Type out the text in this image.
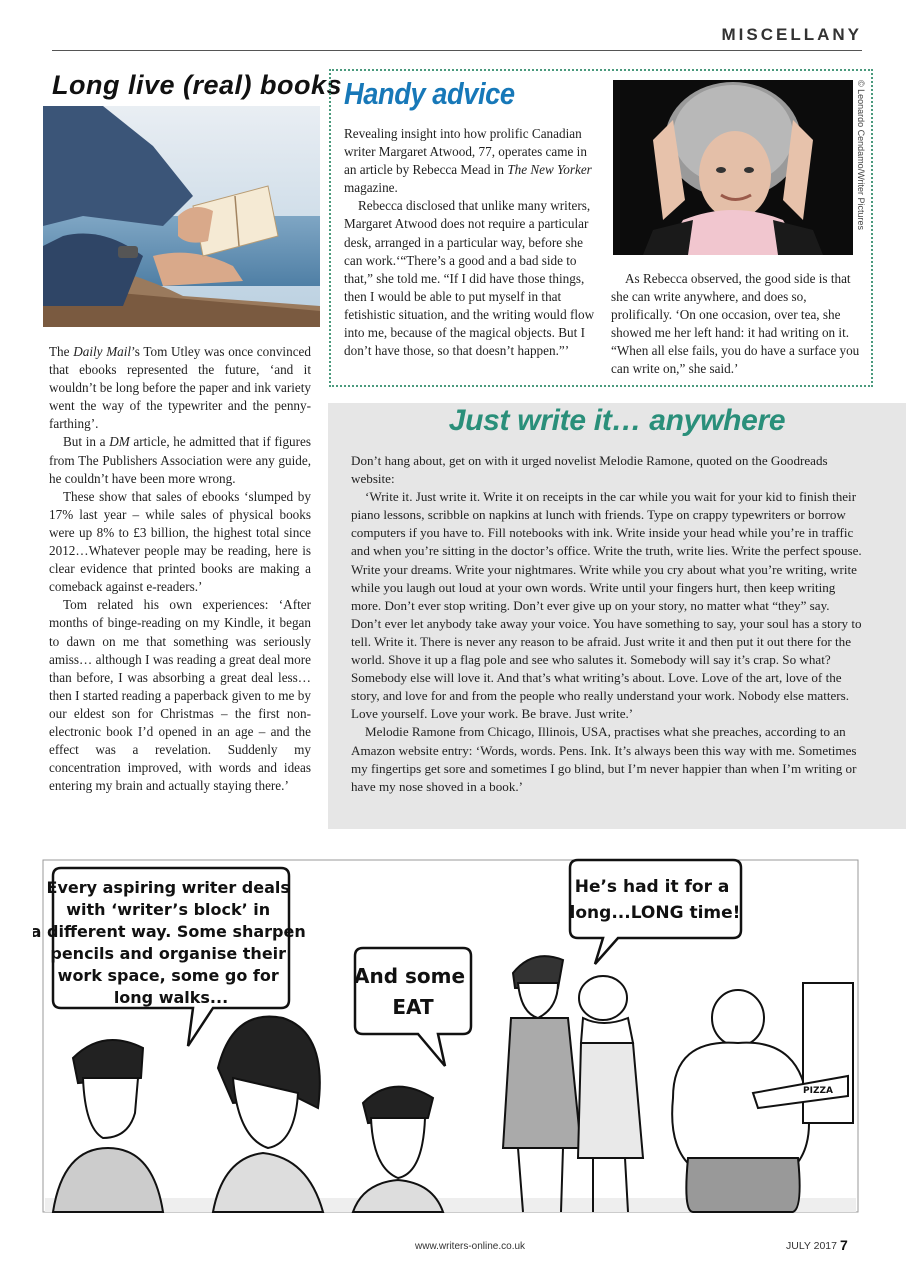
MISCELLANY
Long live (real) books

The Daily Mail’s Tom Utley was once convinced that ebooks represented the future, ‘and it wouldn’t be long before the paper and ink variety went the way of the typewriter and the penny-farthing’.

But in a DM article, he admitted that if figures from The Publishers Association were any guide, he couldn’t have been more wrong.

These show that sales of ebooks ‘slumped by 17% last year – while sales of physical books were up 8% to £3 billion, the highest total since 2012…Whatever people may be reading, here is clear evidence that printed books are making a comeback against e-readers.’

Tom related his own experiences: ‘After months of binge-reading on my Kindle, it began to dawn on me that something was seriously amiss… although I was reading a great deal more than before, I was absorbing a great deal less… then I started reading a paperback given to me by our eldest son for Christmas – the first non-electronic book I’d opened in an age – and the effect was a revelation. Suddenly my concentration improved, with words and ideas entering my brain and actually staying there.’

Handy advice

Revealing insight into how prolific Canadian writer Margaret Atwood, 77, operates came in an article by Rebecca Mead in The New Yorker magazine.

Rebecca disclosed that unlike many writers, Margaret Atwood does not require a particular desk, arranged in a particular way, before she can work.‘“There’s a good and a bad side to that,” she told me. “If I did have those things, then I would be able to put myself in that fetishistic situation, and the writing would flow into me, because of the magical objects. But I don’t have those, so that doesn’t happen.”’

© Leonardo Cendamo/Writer Pictures

As Rebecca observed, the good side is that she can write anywhere, and does so, prolifically. ‘On one occasion, over tea, she showed me her left hand: it had writing on it. “When all else fails, you do have a surface you can write on,” she said.’

Just write it… anywhere

Don’t hang about, get on with it urged novelist Melodie Ramone, quoted on the Goodreads website:

‘Write it. Just write it. Write it on receipts in the car while you wait for your kid to finish their piano lessons, scribble on napkins at lunch with friends. Type on crappy typewriters or borrow computers if you have to. Fill notebooks with ink. Write inside your head while you’re in traffic and when you’re sitting in the doctor’s office. Write the truth, write lies. Write the perfect spouse. Write your dreams. Write your nightmares. Write while you cry about what you’re writing, write while you laugh out loud at your own words. Write until your fingers hurt, then keep writing more. Don’t ever stop writing. Don’t ever give up on your story, no matter what “they” say. Don’t ever let anybody take away your voice. You have something to say, your soul has a story to tell. Write it. There is never any reason to be afraid. Just write it and then put it out there for the world. Shove it up a flag pole and see who salutes it. Somebody will say it’s crap. So what? Somebody else will love it. And that’s what writing’s about. Love. Love of the art, love of the story, and love for and from the people who really understand your work. Nobody else matters. Love yourself. Love your work. Be brave. Just write.’

Melodie Ramone from Chicago, Illinois, USA, practises what she preaches, according to an Amazon website entry: ‘Words, words. Pens. Ink. It’s always been this way with me. Sometimes my fingertips get sore and sometimes I go blind, but I’m never happier than when I’m writing or have my nose shoved in a book.’

Every aspiring writer deals with ‘writer’s block’ in a different way. Some sharpen pencils and organise their work space, some go for long walks...
And some EAT
He’s had it for a long...LONG time!
PIZZA
www.writers-online.co.uk	JULY 2017 7
